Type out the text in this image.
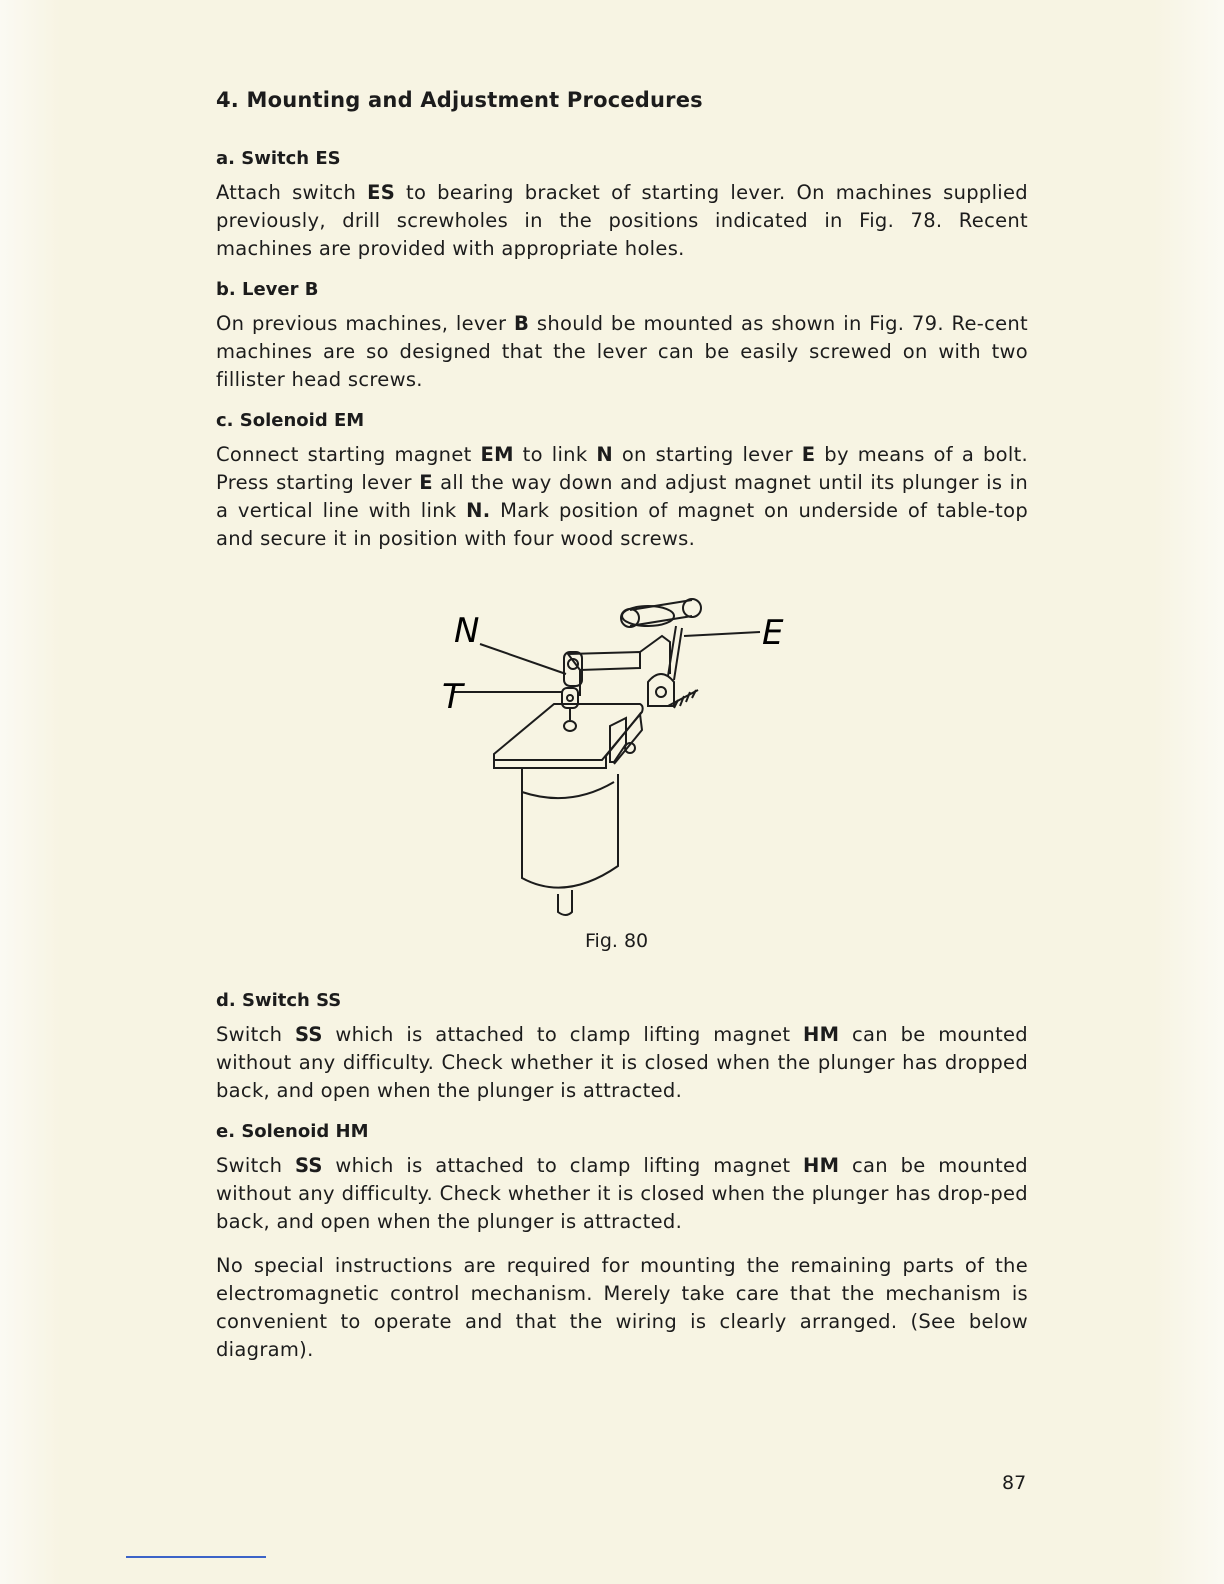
4. Mounting and Adjustment Procedures
a. Switch ES

Attach switch ES to bearing bracket of starting lever. On machines supplied previously, drill screwholes in the positions indicated in Fig. 78. Recent machines are provided with appropriate holes.

b. Lever B

On previous machines, lever B should be mounted as shown in Fig. 79. Re-cent machines are so designed that the lever can be easily screwed on with two fillister head screws.

c. Solenoid EM

Connect starting magnet EM to link N on starting lever E by means of a bolt. Press starting lever E all the way down and adjust magnet until its plunger is in a vertical line with link N. Mark position of magnet on underside of table-top and secure it in position with four wood screws.

N	E
T
Fig. 80
d. Switch SS

Switch SS which is attached to clamp lifting magnet HM can be mounted without any difficulty. Check whether it is closed when the plunger has dropped back, and open when the plunger is attracted.

e. Solenoid HM

Switch SS which is attached to clamp lifting magnet HM can be mounted without any difficulty. Check whether it is closed when the plunger has drop-ped back, and open when the plunger is attracted.

No special instructions are required for mounting the remaining parts of the electromagnetic control mechanism. Merely take care that the mechanism is convenient to operate and that the wiring is clearly arranged. (See below diagram).

87
